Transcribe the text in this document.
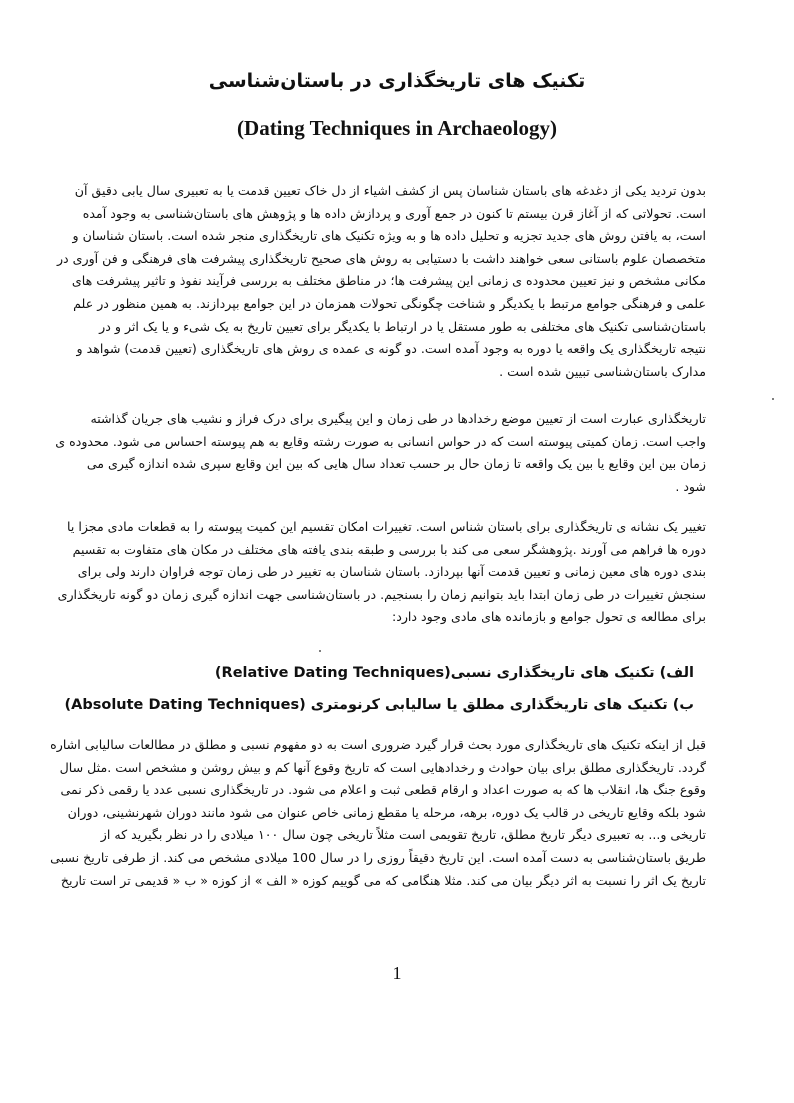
تکنیک های تاریخگذاری در باستان‌شناسی
(Dating Techniques in Archaeology)
بدون تردید یکی از دغدغه های باستان شناسان پس از کشف اشیاء از دل خاک تعیین قدمت یا به تعبیری سال یابی دقیق آن
است. تحولاتی که از آغاز قرن بیستم تا کنون در جمع آوری و پردازش داده ها و پژوهش های باستان‌شناسی به وجود آمده
است، به یافتن روش های جدید تجزیه و تحلیل داده ها و به ویژه تکنیک های تاریخگذاری منجر شده است. باستان شناسان و
متخصصان علوم باستانی سعی خواهند داشت با دستیابی به روش های صحیح تاریخگذاری پیشرفت های فرهنگی و فن آوری در
مکانی مشخص و نیز تعیین محدوده ی زمانی این پیشرفت ها؛ در مناطق مختلف به بررسی فرآیند نفوذ و تاثیر پیشرفت های
علمی و فرهنگی جوامع مرتبط با یکدیگر و شناخت چگونگی تحولات همزمان در این جوامع بپردازند. به همین منظور در علم
باستان‌شناسی تکنیک های مختلفی به طور مستقل یا در ارتباط با یکدیگر برای تعیین تاریخ به یک شیء و یا یک اثر و در
نتیجه تاریخگذاری یک واقعه یا دوره به وجود آمده است. دو گونه ی عمده ی روش های تاریخگذاری (تعیین قدمت) شواهد و
مدارک باستان‌شناسی تبیین شده است .
تاریخگذاری عبارت است از تعیین موضع رخدادها در طی زمان و این پیگیری برای درک فراز و نشیب های جریان گذاشته
واجب است. زمان کمیتی پیوسته است که در حواس انسانی به صورت رشته وقایع به هم پیوسته احساس می شود. محدوده ی
زمان بین این وقایع یا بین یک واقعه تا زمان حال بر حسب تعداد سال هایی که بین این وقایع سپری شده اندازه گیری می
شود .
تغییر یک نشانه ی تاریخگذاری برای باستان شناس است. تغییرات امکان تقسیم این کمیت پیوسته را به قطعات مادی مجزا یا
دوره ها فراهم می آورند .پژوهشگر سعی می کند با بررسی و طبقه بندی یافته های مختلف در مکان های متفاوت به تقسیم
بندی دوره های معین زمانی و تعیین قدمت آنها بپردازد. باستان شناسان به تغییر در طی زمان توجه فراوان دارند ولی برای
سنجش تغییرات در طی زمان ابتدا باید بتوانیم زمان را بسنجیم. در باستان‌شناسی جهت اندازه گیری زمان دو گونه تاریخگذاری
برای مطالعه ی تحول جوامع و بازمانده های مادی وجود دارد:
الف) تکنیک های تاریخگذاری نسبی(Relative Dating Techniques)
ب) تکنیک های تاریخگذاری مطلق یا سالیابی کرنومتری (Absolute Dating Techniques)
قبل از اینکه تکنیک های تاریخگذاری مورد بحث قرار گیرد ضروری است به دو مفهوم نسبی و مطلق در مطالعات سالیابی اشاره
گردد. تاریخگذاری مطلق برای بیان حوادث و رخدادهایی است که تاریخ وقوع آنها کم و بیش روشن و مشخص است .مثل سال
وقوع جنگ ها، انقلاب ها که به صورت اعداد و ارقام قطعی ثبت و اعلام می شود. در تاریخگذاری نسبی عدد یا رقمی ذکر نمی
شود بلکه وقایع تاریخی در قالب یک دوره، برهه، مرحله یا مقطع زمانی خاص عنوان می شود مانند دوران شهرنشینی، دوران
تاریخی و... به تعبیری دیگر تاریخ مطلق، تاریخ تقویمی است مثلاً تاریخی چون سال ۱۰۰ میلادی را در نظر بگیرید که از
طریق باستان‌شناسی به دست آمده است. این تاریخ دقیقاً روزی را در سال 100 میلادی مشخص می کند. از طرفی تاریخ نسبی
تاریخ یک اثر را نسبت به اثر دیگر بیان می کند. مثلا هنگامی که می گوییم کوزه « الف » از کوزه « ب « قدیمی تر است تاریخ
1
